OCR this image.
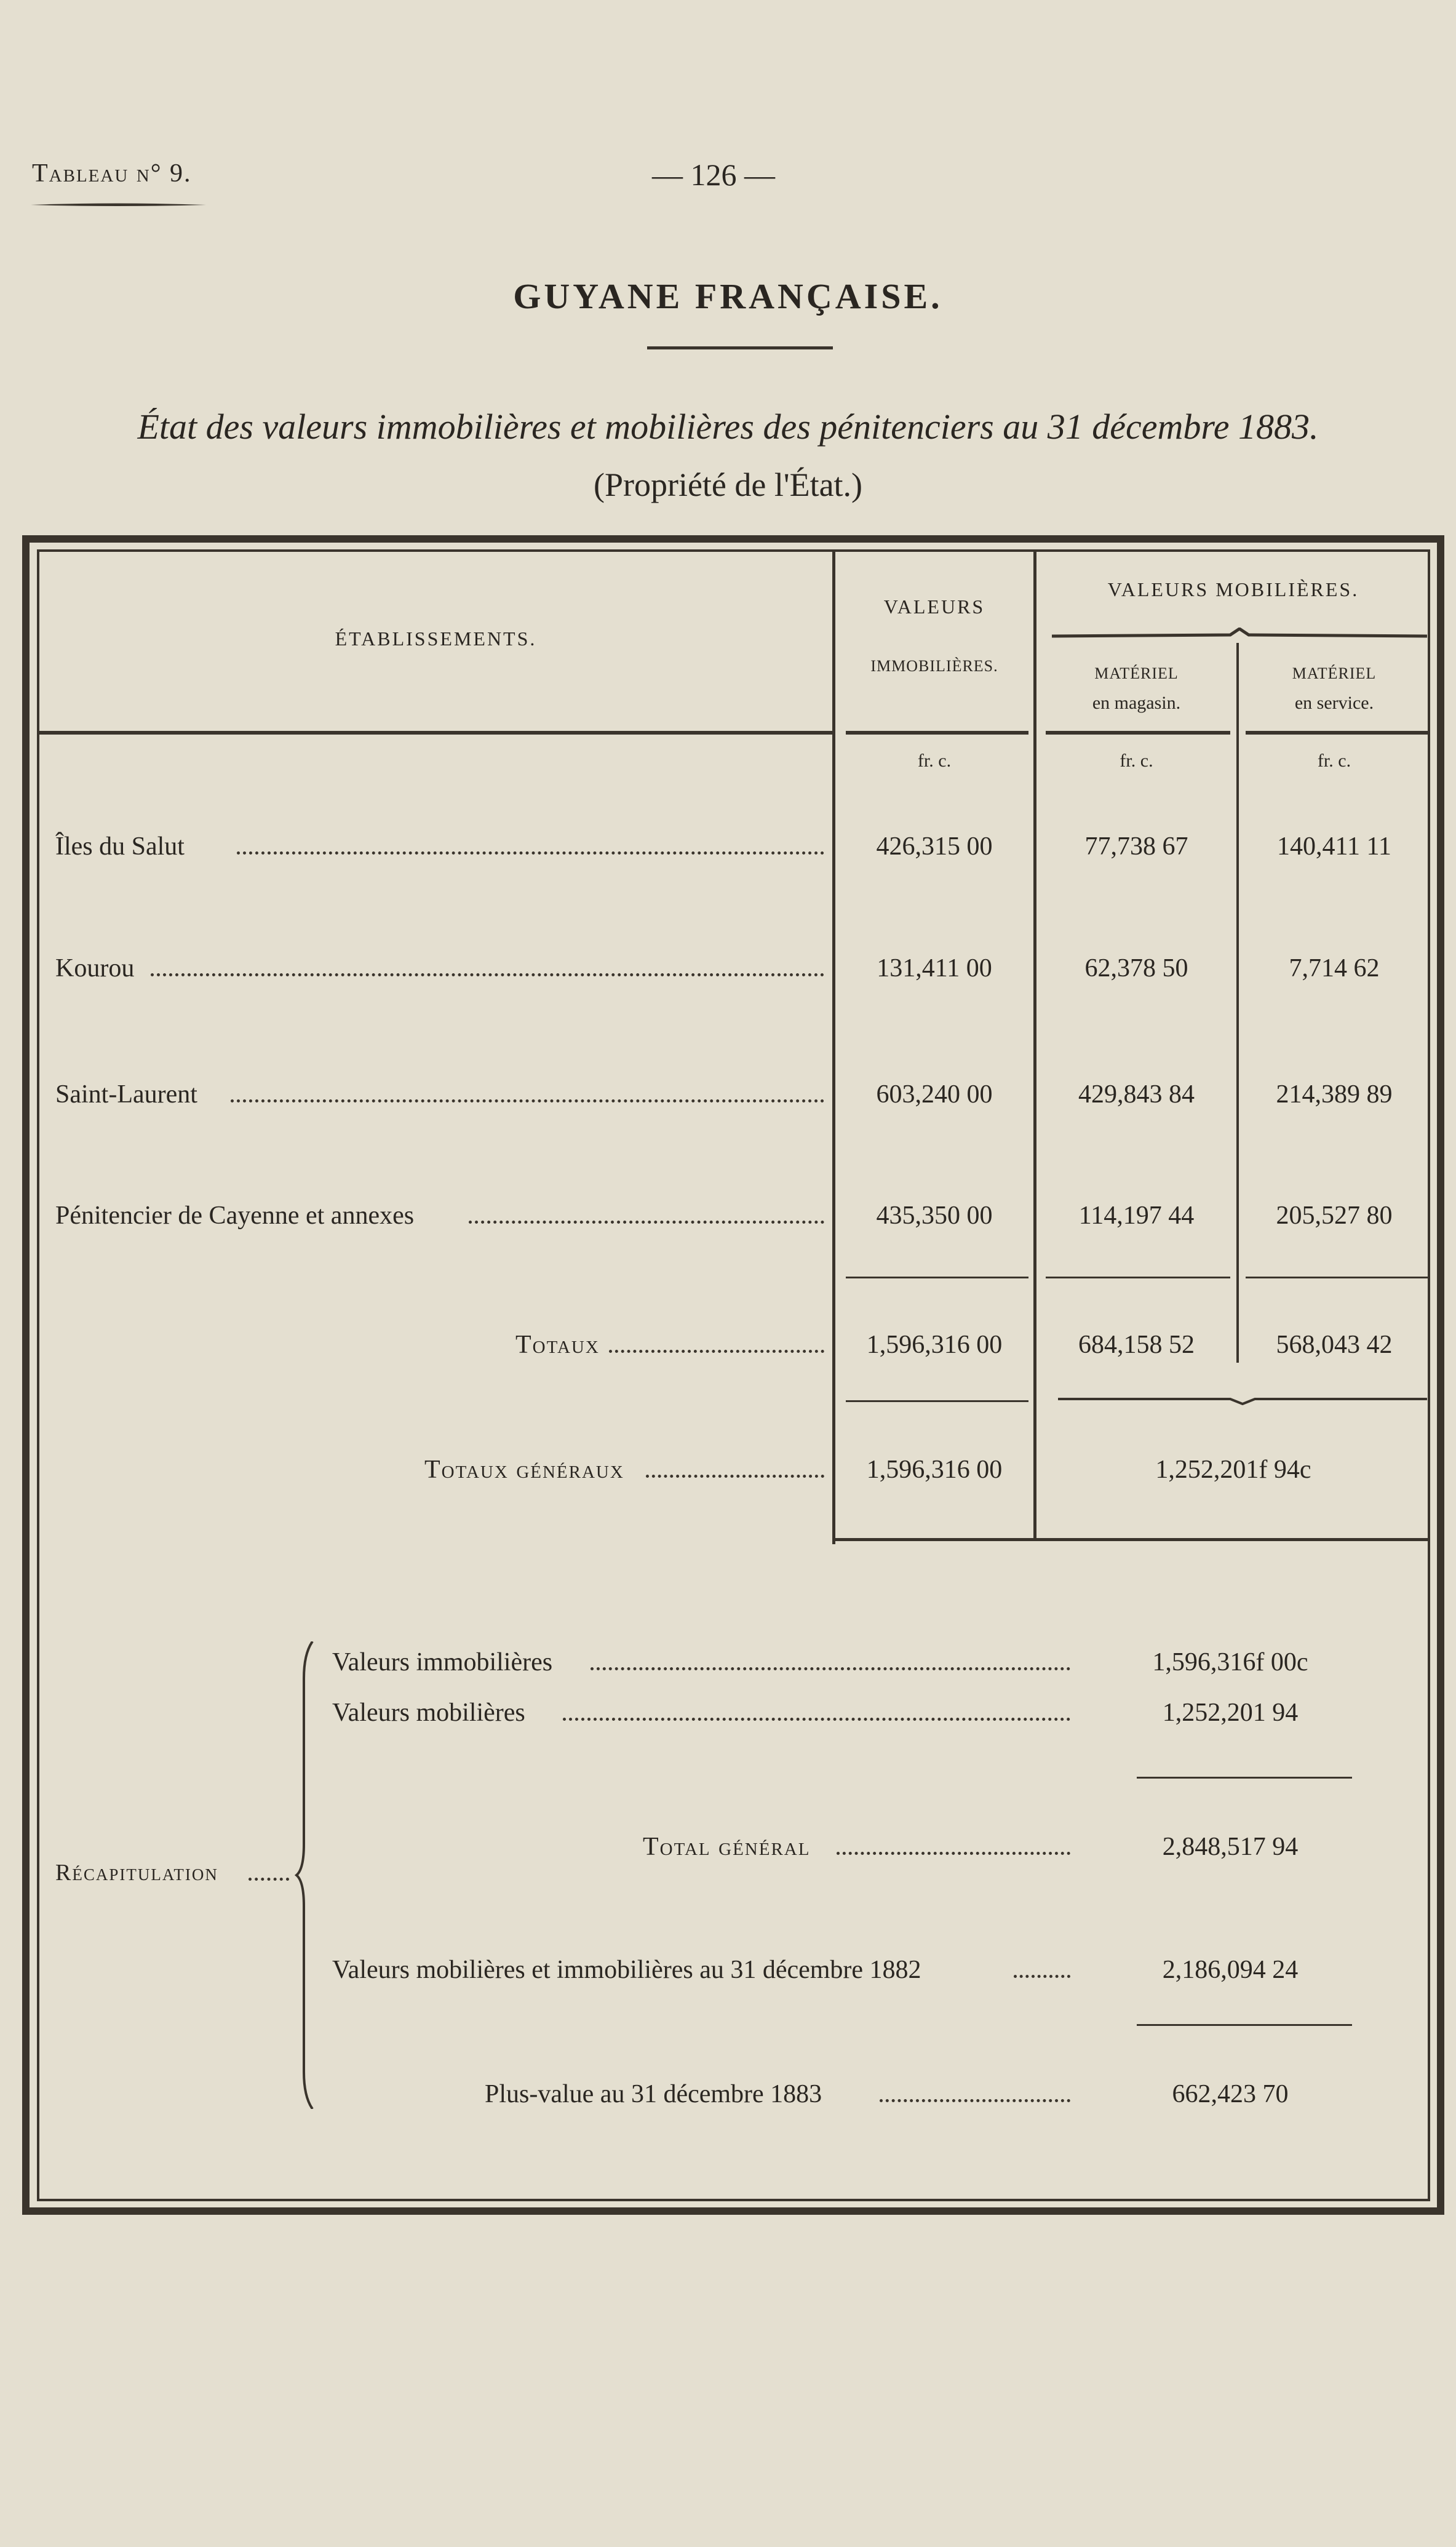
Tableau n° 9.	— 126 —
GUYANE FRANÇAISE.
État des valeurs immobilières et mobilières des pénitenciers au 31 décembre 1883.
(Propriété de l'État.)
ÉTABLISSEMENTS.
VALEURS
IMMOBILIÈRES.
VALEURS MOBILIÈRES.
MATÉRIEL
en magasin.
MATÉRIEL
en service.
fr. c.	fr. c.	fr. c.
Îles du Salut	426,315 00	77,738 67	140,411 11
Kourou	131,411 00	62,378 50	7,714 62
Saint-Laurent	603,240 00	429,843 84	214,389 89
Pénitencier de Cayenne et annexes	435,350 00	114,197 44	205,527 80
Totaux	1,596,316 00	684,158 52	568,043 42
Totaux généraux	1,596,316 00	1,252,201f 94c
Récapitulation
Valeurs immobilières	1,596,316f 00c
Valeurs mobilières	1,252,201 94
Total général	2,848,517 94
Valeurs mobilières et immobilières au 31 décembre 1882	2,186,094 24
Plus-value au 31 décembre 1883	662,423 70
